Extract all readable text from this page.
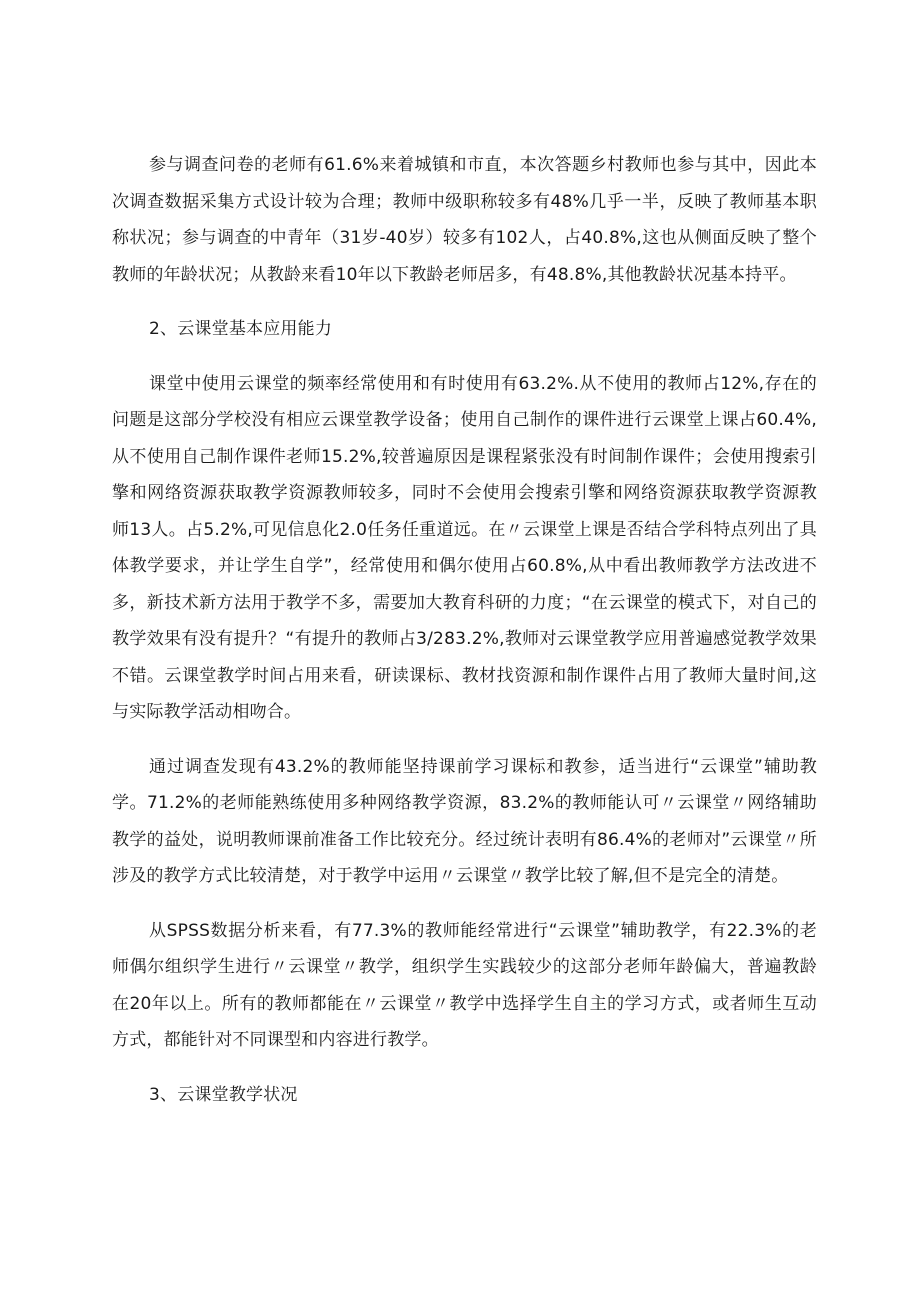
参与调查问卷的老师有61.6%来着城镇和市直，本次答题乡村教师也参与其中，因此本次调查数据采集方式设计较为合理；教师中级职称较多有48%几乎一半，反映了教师基本职称状况；参与调查的中青年（31岁-40岁）较多有102人，占40.8%,这也从侧面反映了整个教师的年龄状况；从教龄来看10年以下教龄老师居多，有48.8%,其他教龄状况基本持平。

2、云课堂基本应用能力

课堂中使用云课堂的频率经常使用和有时使用有63.2%.从不使用的教师占12%,存在的问题是这部分学校没有相应云课堂教学设备；使用自己制作的课件进行云课堂上课占60.4%,从不使用自己制作课件老师15.2%,较普遍原因是课程紧张没有时间制作课件；会使用搜索引擎和网络资源获取教学资源教师较多，同时不会使用会搜索引擎和网络资源获取教学资源教师13人。占5.2%,可见信息化2.0任务任重道远。在〃云课堂上课是否结合学科特点列出了具体教学要求，并让学生自学”，经常使用和偶尔使用占60.8%,从中看出教师教学方法改进不多，新技术新方法用于教学不多，需要加大教育科研的力度；“在云课堂的模式下，对自己的教学效果有没有提升？“有提升的教师占3/283.2%,教师对云课堂教学应用普遍感觉教学效果不错。云课堂教学时间占用来看，研读课标、教材找资源和制作课件占用了教师大量时间,这与实际教学活动相吻合。

通过调查发现有43.2%的教师能坚持课前学习课标和教参，适当进行“云课堂”辅助教学。71.2%的老师能熟练使用多种网络教学资源，83.2%的教师能认可〃云课堂〃网络辅助教学的益处，说明教师课前准备工作比较充分。经过统计表明有86.4%的老师对”云课堂〃所涉及的教学方式比较清楚，对于教学中运用〃云课堂〃教学比较了解,但不是完全的清楚。

从SPSS数据分析来看，有77.3%的教师能经常进行“云课堂”辅助教学，有22.3%的老师偶尔组织学生进行〃云课堂〃教学，组织学生实践较少的这部分老师年龄偏大，普遍教龄在20年以上。所有的教师都能在〃云课堂〃教学中选择学生自主的学习方式，或者师生互动方式，都能针对不同课型和内容进行教学。

3、云课堂教学状况
